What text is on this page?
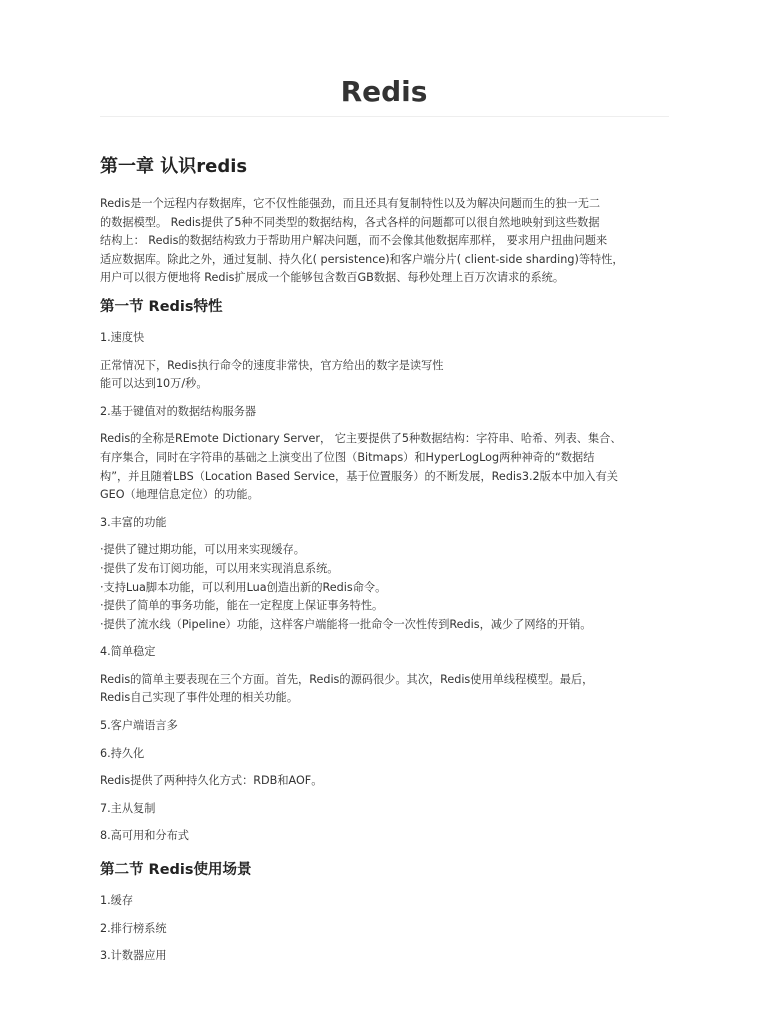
Redis
第一章 认识redis

Redis是一个远程内存数据库，它不仅性能强劲，而且还具有复制特性以及为解决问题而生的独一无二
的数据模型。 Redis提供了5种不同类型的数据结构，各式各样的问题都可以很自然地映射到这些数据
结构上： Redis的数据结构致力于帮助用户解决问题，而不会像其他数据库那样， 要求用户扭曲问题来
适应数据库。除此之外，通过复制、持久化( persistence)和客户端分片( client-side sharding)等特性，
用户可以很方便地将 Redis扩展成一个能够包含数百GB数据、每秒处理上百万次请求的系统。

第一节 Redis特性

1.速度快

正常情况下，Redis执行命令的速度非常快，官方给出的数字是读写性
能可以达到10万/秒。

2.基于键值对的数据结构服务器

Redis的全称是REmote Dictionary Server， 它主要提供了5种数据结构：字符串、哈希、列表、集合、
有序集合，同时在字符串的基础之上演变出了位图（Bitmaps）和HyperLogLog两种神奇的“数据结
构”，并且随着LBS（Location Based Service，基于位置服务）的不断发展，Redis3.2版本中加入有关
GEO（地理信息定位）的功能。

3.丰富的功能

·提供了键过期功能，可以用来实现缓存。
·提供了发布订阅功能，可以用来实现消息系统。
·支持Lua脚本功能，可以利用Lua创造出新的Redis命令。
·提供了简单的事务功能，能在一定程度上保证事务特性。
·提供了流水线（Pipeline）功能，这样客户端能将一批命令一次性传到Redis，减少了网络的开销。

4.简单稳定

Redis的简单主要表现在三个方面。首先，Redis的源码很少。其次，Redis使用单线程模型。最后，
Redis自己实现了事件处理的相关功能。

5.客户端语言多

6.持久化

Redis提供了两种持久化方式：RDB和AOF。

7.主从复制

8.高可用和分布式

第二节 Redis使用场景

1.缓存

2.排行榜系统

3.计数器应用
